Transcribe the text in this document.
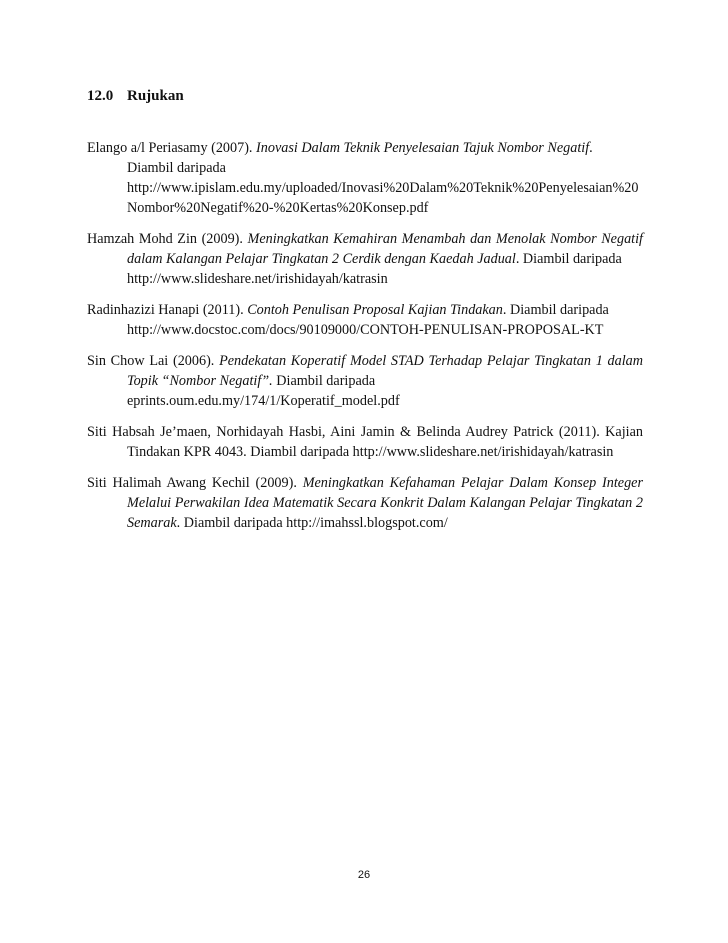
12.0 Rujukan

Elango a/l Periasamy (2007). Inovasi Dalam Teknik Penyelesaian Tajuk Nombor Negatif.
Diambil daripada
http://www.ipislam.edu.my/uploaded/Inovasi%20Dalam%20Teknik%20Penyelesaian%20Nombor%20Negatif%20-%20Kertas%20Konsep.pdf

Hamzah Mohd Zin (2009). Meningkatkan Kemahiran Menambah dan Menolak Nombor Negatif dalam Kalangan Pelajar Tingkatan 2 Cerdik dengan Kaedah Jadual. Diambil daripada
http://www.slideshare.net/irishidayah/katrasin

Radinhazizi Hanapi (2011). Contoh Penulisan Proposal Kajian Tindakan. Diambil daripada
http://www.docstoc.com/docs/90109000/CONTOH-PENULISAN-PROPOSAL-KT

Sin Chow Lai (2006). Pendekatan Koperatif Model STAD Terhadap Pelajar Tingkatan 1 dalam Topik “Nombor Negatif”. Diambil daripada
eprints.oum.edu.my/174/1/Koperatif_model.pdf

Siti Habsah Je’maen, Norhidayah Hasbi, Aini Jamin & Belinda Audrey Patrick (2011). Kajian Tindakan KPR 4043. Diambil daripada http://www.slideshare.net/irishidayah/katrasin

Siti Halimah Awang Kechil (2009). Meningkatkan Kefahaman Pelajar Dalam Konsep Integer Melalui Perwakilan Idea Matematik Secara Konkrit Dalam Kalangan Pelajar Tingkatan 2 Semarak. Diambil daripada http://imahssl.blogspot.com/

26
